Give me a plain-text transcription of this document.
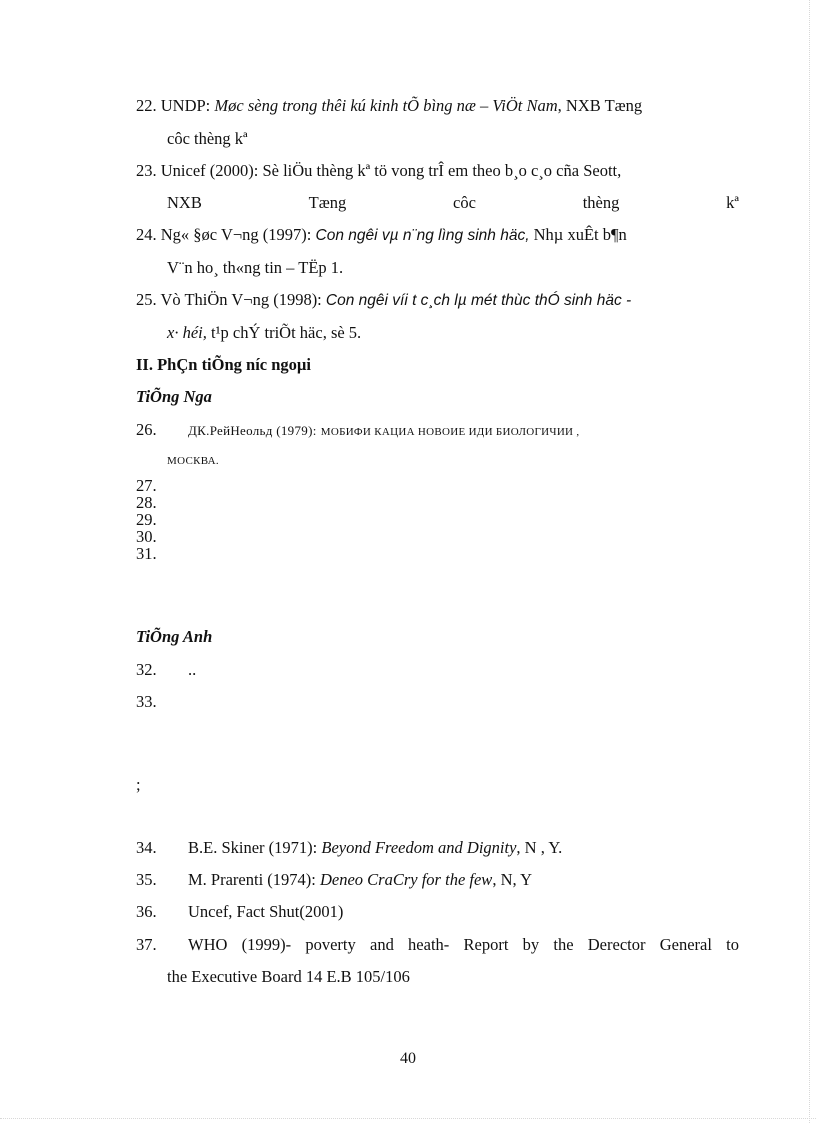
22. UNDP: Møc sèng trong thêi kú kinh tÕ bìng næ – ViÖt Nam, NXB Tæng
côc thèng kª
23. Unicef (2000): Sè liÖu thèng kª tö vong trÎ em theo b¸o c¸o cña Seott,
NXB	Tæng	côc	thèng	kª
24. Ng« §øc V¬ng (1997): Con ngêi vµ n¨ng lìng sinh häc, Nhµ xuÊt b¶n
V¨n ho¸ th«ng tin – TËp 1.
25. Vò ThiÖn V¬ng (1998): Con ngêi víi t c¸ch lµ mét thùc thÓ sinh häc -
x· héi, t¹p chÝ triÕt häc, sè 5.
II. PhÇn tiÕng níc ngoµi
TiÕng Nga
26. ДК.РейНеольд (1979): МОБИФИ КАЦИА НОВОИЕ ИДИ БИОЛОГИЧИИ ,
МОСКВА.
27.
28.
29.
30.
31.
TiÕng Anh
32. ..
33.
;
34. B.E. Skiner (1971): Beyond Freedom and Dignity, N , Y.
35. M. Prarenti (1974): Deneo CraCry for the few, N, Y
36. Uncef, Fact Shut(2001)
37.	WHO (1999)- poverty and heath- Report by the Derector General to
the Executive Board 14 E.B 105/106
40
